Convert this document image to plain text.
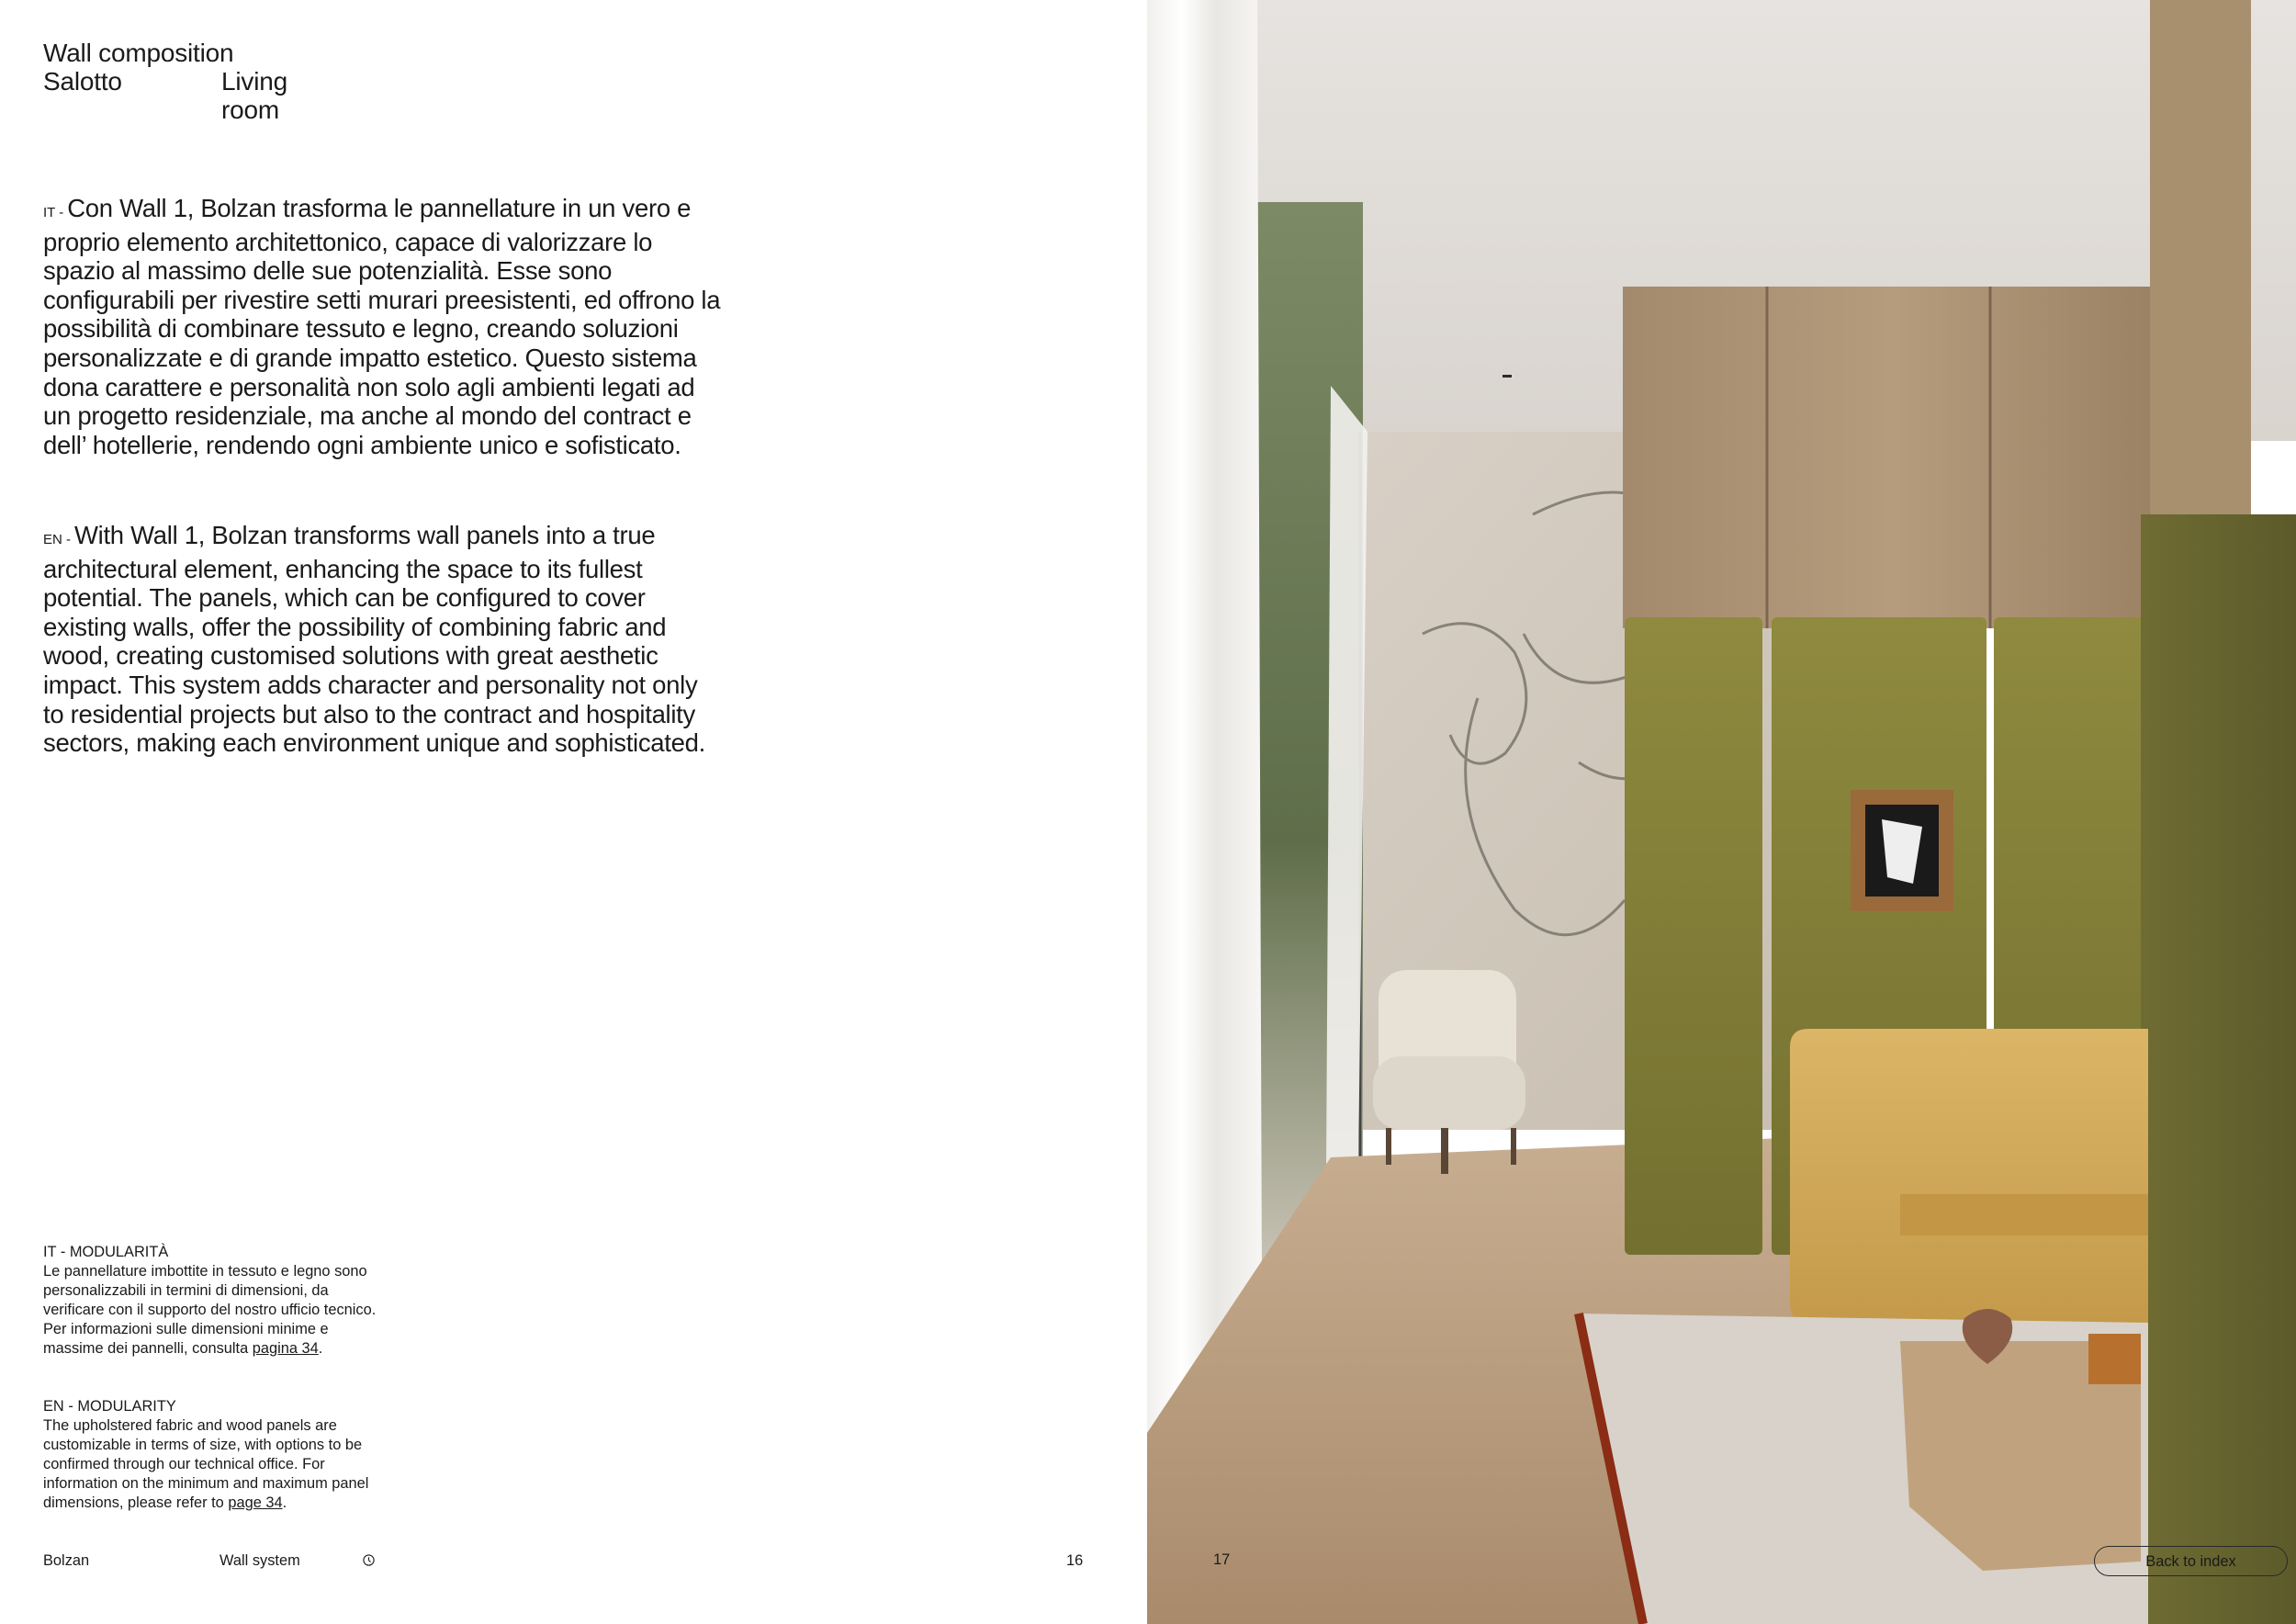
Wall composition
Salotto	Living room
IT - Con Wall 1, Bolzan trasforma le pannellature in un vero e proprio elemento architettonico, capace di valorizzare lo spazio al massimo delle sue potenzialità. Esse sono configurabili per rivestire setti murari preesistenti, ed offrono la possibilità di combinare tessuto e legno, creando soluzioni personalizzate e di grande impatto estetico. Questo sistema dona carattere e personalità non solo agli ambienti legati ad un progetto residenziale, ma anche al mondo del contract e dell’ hotellerie, rendendo ogni ambiente unico e sofisticato.
EN - With Wall 1, Bolzan transforms wall panels into a true architectural element, enhancing the space to its fullest potential. The panels, which can be configured to cover existing walls, offer the possibility of combining fabric and wood, creating customised solutions with great aesthetic impact. This system adds character and personality not only to residential projects but also to the contract and hospitality sectors, making each environment unique and sophisticated.
IT - MODULARITÀ
Le pannellature imbottite in tessuto e legno sono personalizzabili in termini di dimensioni, da verificare con il supporto del nostro ufficio tecnico. Per informazioni sulle dimensioni minime e massime dei pannelli, consulta pagina 34.
EN - MODULARITY
The upholstered fabric and wood panels are customizable in terms of size, with options to be confirmed through our technical office. For information on the minimum and maximum panel dimensions, please refer to page 34.
Bolzan	Wall system	16	17	Back to index
